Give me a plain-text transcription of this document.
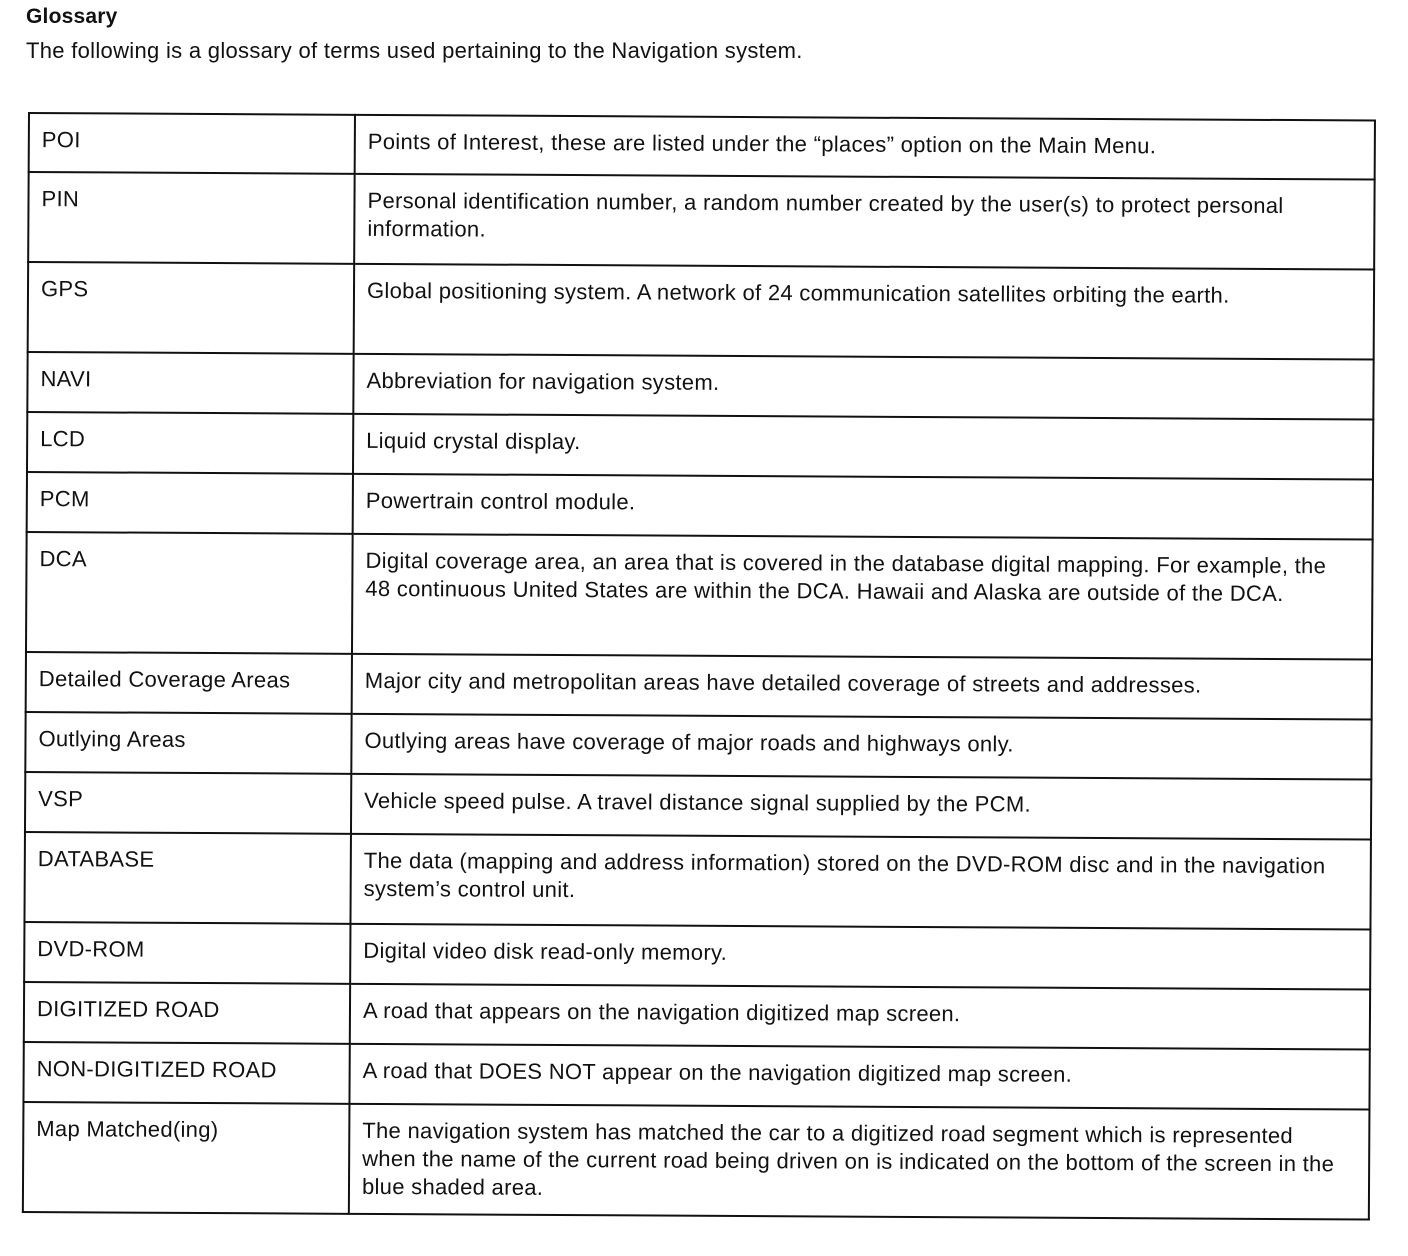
Glossary
The following is a glossary of terms used pertaining to the Navigation system.
POI	Points of Interest, these are listed under the “places” option on the Main Menu.
PIN	Personal identification number, a random number created by the user(s) to protect personal information.
GPS	Global positioning system. A network of 24 communication satellites orbiting the earth.
NAVI	Abbreviation for navigation system.
LCD	Liquid crystal display.
PCM	Powertrain control module.
DCA	Digital coverage area, an area that is covered in the database digital mapping. For example, the 48 continuous United States are within the DCA. Hawaii and Alaska are outside of the DCA.
Detailed Coverage Areas	Major city and metropolitan areas have detailed coverage of streets and addresses.
Outlying Areas	Outlying areas have coverage of major roads and highways only.
VSP	Vehicle speed pulse. A travel distance signal supplied by the PCM.
DATABASE	The data (mapping and address information) stored on the DVD-ROM disc and in the navigation system’s control unit.
DVD-ROM	Digital video disk read-only memory.
DIGITIZED ROAD	A road that appears on the navigation digitized map screen.
NON-DIGITIZED ROAD	A road that DOES NOT appear on the navigation digitized map screen.
Map Matched(ing)	The navigation system has matched the car to a digitized road segment which is represented when the name of the current road being driven on is indicated on the bottom of the screen in the blue shaded area.
